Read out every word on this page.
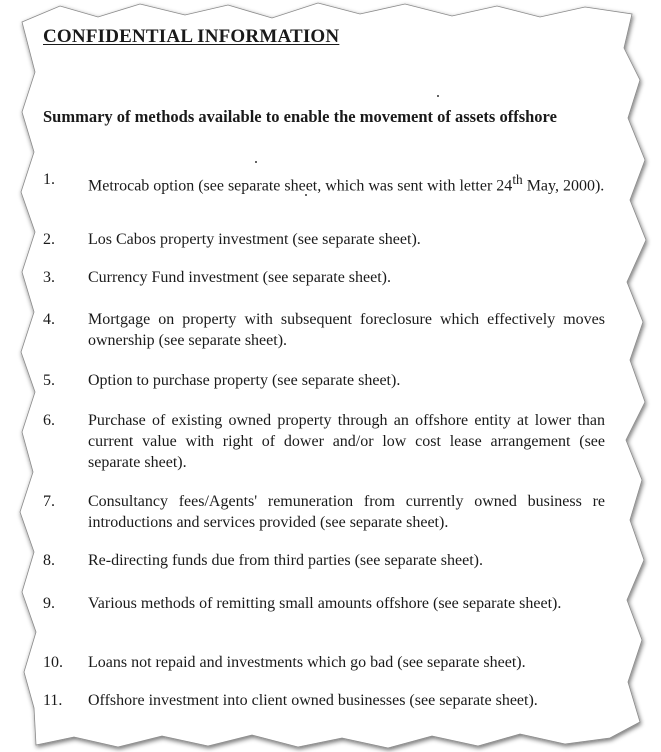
CONFIDENTIAL INFORMATION
Summary of methods available to enable the movement of assets offshore
1.	Metrocab option (see separate sheet, which was sent with letter 24th May, 2000).
2.	Los Cabos property investment (see separate sheet).
3.	Currency Fund investment (see separate sheet).
4.	Mortgage on property with subsequent foreclosure which effectively moves ownership (see separate sheet).
5.	Option to purchase property (see separate sheet).
6.	Purchase of existing owned property through an offshore entity at lower than current value with right of dower and/or low cost lease arrangement (see separate sheet).
7.	Consultancy fees/Agents' remuneration from currently owned business re introductions and services provided (see separate sheet).
8.	Re-directing funds due from third parties (see separate sheet).
9.	Various methods of remitting small amounts offshore (see separate sheet).
10.	Loans not repaid and investments which go bad (see separate sheet).
11.	Offshore investment into client owned businesses (see separate sheet).
